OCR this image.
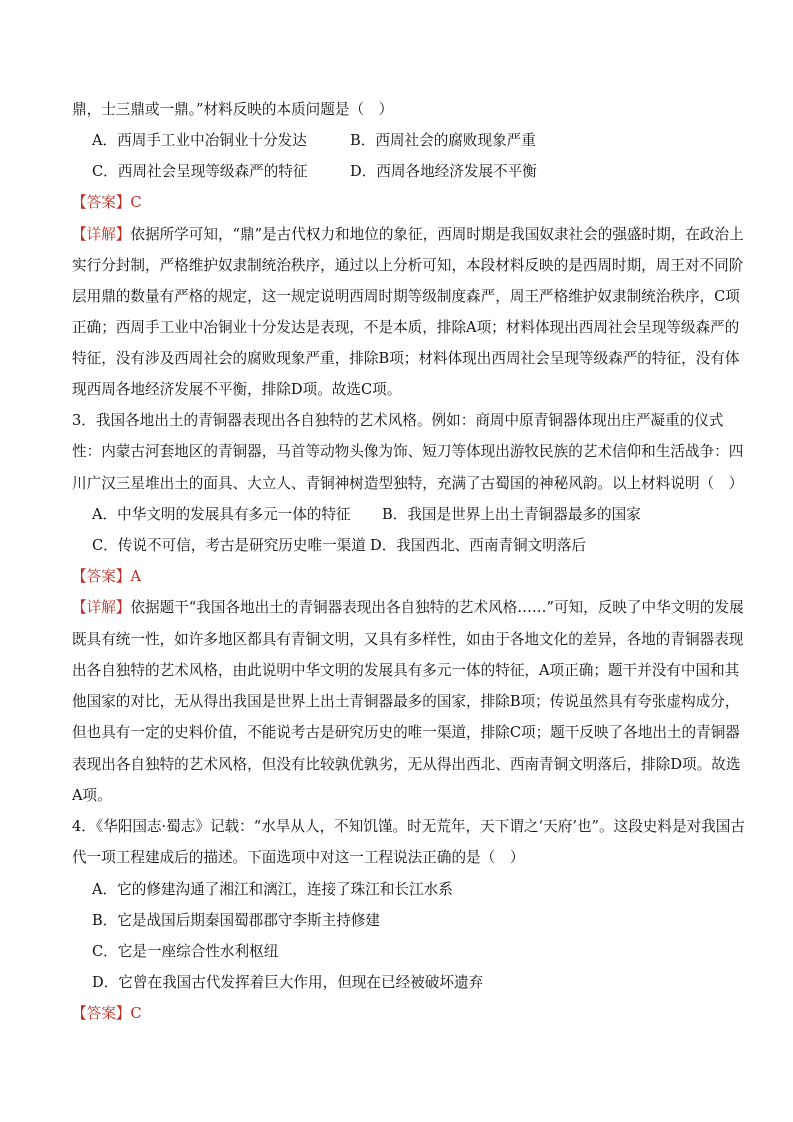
鼎，士三鼎或一鼎。”材料反映的本质问题是（　）
A．西周手工业中冶铜业十分发达	B．西周社会的腐败现象严重
C．西周社会呈现等级森严的特征	D．西周各地经济发展不平衡
【答案】C
【详解】依据所学可知，“鼎”是古代权力和地位的象征，西周时期是我国奴隶社会的强盛时期，在政治上
实行分封制，严格维护奴隶制统治秩序，通过以上分析可知，本段材料反映的是西周时期，周王对不同阶
层用鼎的数量有严格的规定，这一规定说明西周时期等级制度森严，周王严格维护奴隶制统治秩序，C项
正确；西周手工业中冶铜业十分发达是表现，不是本质，排除A项；材料体现出西周社会呈现等级森严的
特征，没有涉及西周社会的腐败现象严重，排除B项；材料体现出西周社会呈现等级森严的特征，没有体
现西周各地经济发展不平衡，排除D项。故选C项。
3．我国各地出土的青铜器表现出各自独特的艺术风格。例如：商周中原青铜器体现出庄严凝重的仪式
性：内蒙古河套地区的青铜器，马首等动物头像为饰、短刀等体现出游牧民族的艺术信仰和生活战争：四
川广汉三星堆出土的面具、大立人、青铜神树造型独特，充满了古蜀国的神秘风韵。以上材料说明（　）
A．中华文明的发展具有多元一体的特征 B．我国是世界上出土青铜器最多的国家
C．传说不可信，考古是研究历史唯一渠道 D．我国西北、西南青铜文明落后
【答案】A
【详解】依据题干“我国各地出土的青铜器表现出各自独特的艺术风格……”可知，反映了中华文明的发展
既具有统一性，如许多地区都具有青铜文明，又具有多样性，如由于各地文化的差异，各地的青铜器表现
出各自独特的艺术风格，由此说明中华文明的发展具有多元一体的特征，A项正确；题干并没有中国和其
他国家的对比，无从得出我国是世界上出土青铜器最多的国家，排除B项；传说虽然具有夸张虚构成分，
但也具有一定的史料价值，不能说考古是研究历史的唯一渠道，排除C项；题干反映了各地出土的青铜器
表现出各自独特的艺术风格，但没有比较孰优孰劣，无从得出西北、西南青铜文明落后，排除D项。故选
A项。
4．《华阳国志·蜀志》记载：“水旱从人，不知饥馑。时无荒年，天下谓之‘天府’也”。这段史料是对我国古
代一项工程建成后的描述。下面选项中对这一工程说法正确的是（　）
A．它的修建沟通了湘江和漓江，连接了珠江和长江水系
B．它是战国后期秦国蜀郡郡守李斯主持修建
C．它是一座综合性水利枢纽
D．它曾在我国古代发挥着巨大作用，但现在已经被破坏遗弃
【答案】C
